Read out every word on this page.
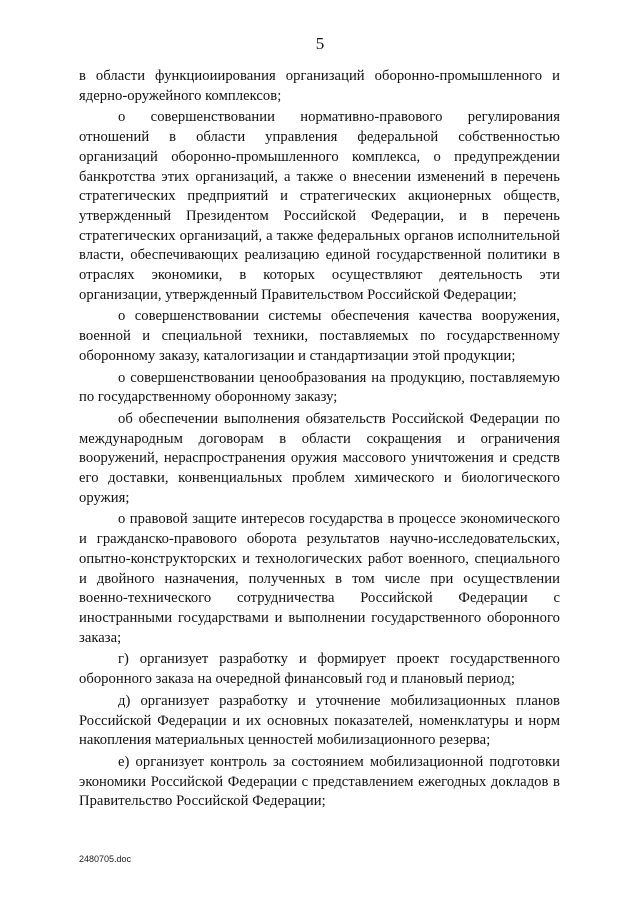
5

в области функциоиирования организаций оборонно-промышленного и ядерно-оружейного комплексов;

о совершенствовании нормативно-правового регулирования отношений в области управления федеральной собственностью организаций оборонно-промышленного комплекса, о предупреждении банкротства этих организаций, а также о внесении изменений в перечень стратегических предприятий и стратегических акционерных обществ, утвержденный Президентом Российской Федерации, и в перечень стратегических организаций, а также федеральных органов исполнительной власти, обеспечивающих реализацию единой государственной политики в отраслях экономики, в которых осуществляют деятельность эти организации, утвержденный Правительством Российской Федерации;

о совершенствовании системы обеспечения качества вооружения, военной и специальной техники, поставляемых по государственному оборонному заказу, каталогизации и стандартизации этой продукции;

о совершенствовании ценообразования на продукцию, поставляемую по государственному оборонному заказу;

об обеспечении выполнения обязательств Российской Федерации по международным договорам в области сокращения и ограничения вооружений, нераспространения оружия массового уничтожения и средств его доставки, конвенциальных проблем химического и биологического оружия;

о правовой защите интересов государства в процессе экономического и гражданско-правового оборота результатов научно-исследовательских, опытно-конструкторских и технологических работ военного, специального и двойного назначения, полученных в том числе при осуществлении военно-технического сотрудничества Российской Федерации с иностранными государствами и выполнении государственного оборонного заказа;

г) организует разработку и формирует проект государственного оборонного заказа на очередной финансовый год и плановый период;

д) организует разработку и уточнение мобилизационных планов Российской Федерации и их основных показателей, номенклатуры и норм накопления материальных ценностей мобилизационного резерва;

е) организует контроль за состоянием мобилизационной подготовки экономики Российской Федерации с представлением ежегодных докладов в Правительство Российской Федерации;

2480705.doc
